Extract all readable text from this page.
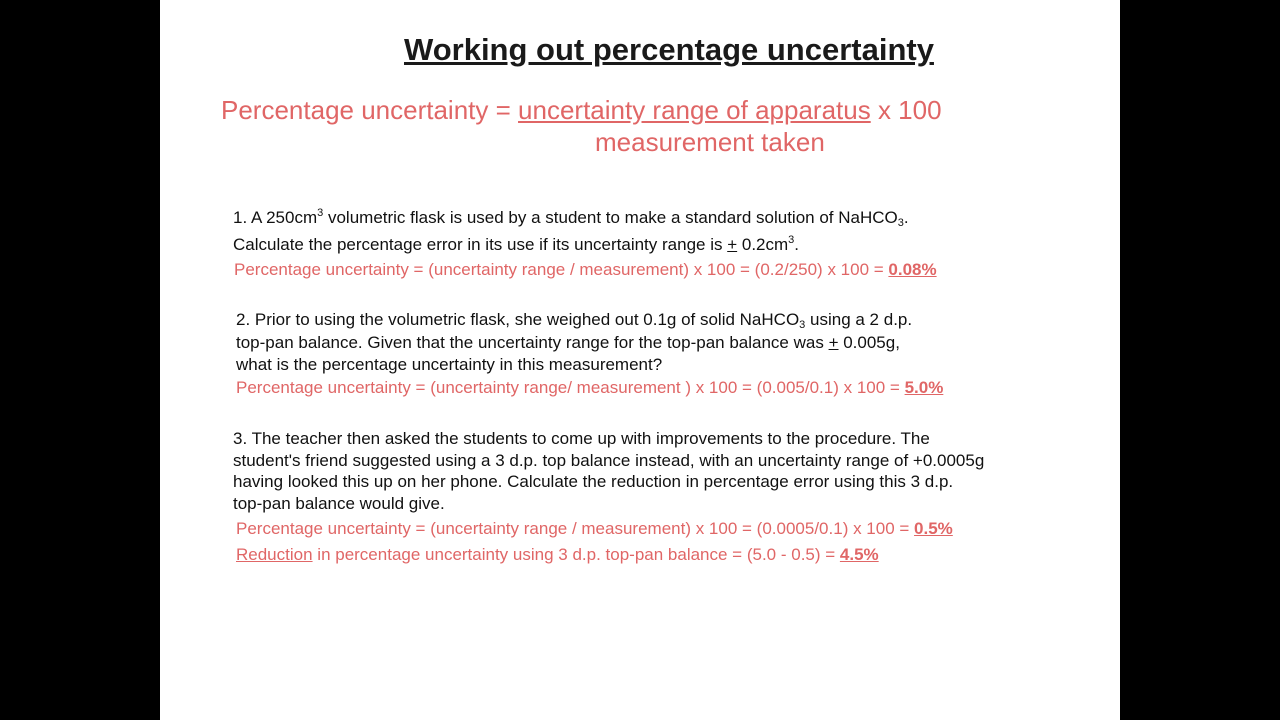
Working out percentage uncertainty
Percentage uncertainty = uncertainty range of apparatus x 100
measurement taken
1. A $250cm^3$ volumetric flask is used by a student to make a standard solution of NaHCO$_3$.
Calculate the percentage error in its use if its uncertainty range is + $0.2cm^3$.
Percentage uncertainty = (uncertainty range / measurement) x 100 = (0.2/250) x 100 = 0.08%
2. Prior to using the volumetric flask, she weighed out 0.1g of solid NaHCO$_3$ using a 2 d.p.
top-pan balance. Given that the uncertainty range for the top-pan balance was + 0.005g,
what is the percentage uncertainty in this measurement?
Percentage uncertainty = (uncertainty range/ measurement ) x 100 = (0.005/0.1) x 100 = 5.0%
3. The teacher then asked the students to come up with improvements to the procedure. The
student's friend suggested using a 3 d.p. top balance instead, with an uncertainty range of +0.0005g
having looked this up on her phone. Calculate the reduction in percentage error using this 3 d.p.
top-pan balance would give.
Percentage uncertainty = (uncertainty range / measurement) x 100 = (0.0005/0.1) x 100 = 0.5%
Reduction in percentage uncertainty using 3 d.p. top-pan balance = (5.0 - 0.5) = 4.5%
